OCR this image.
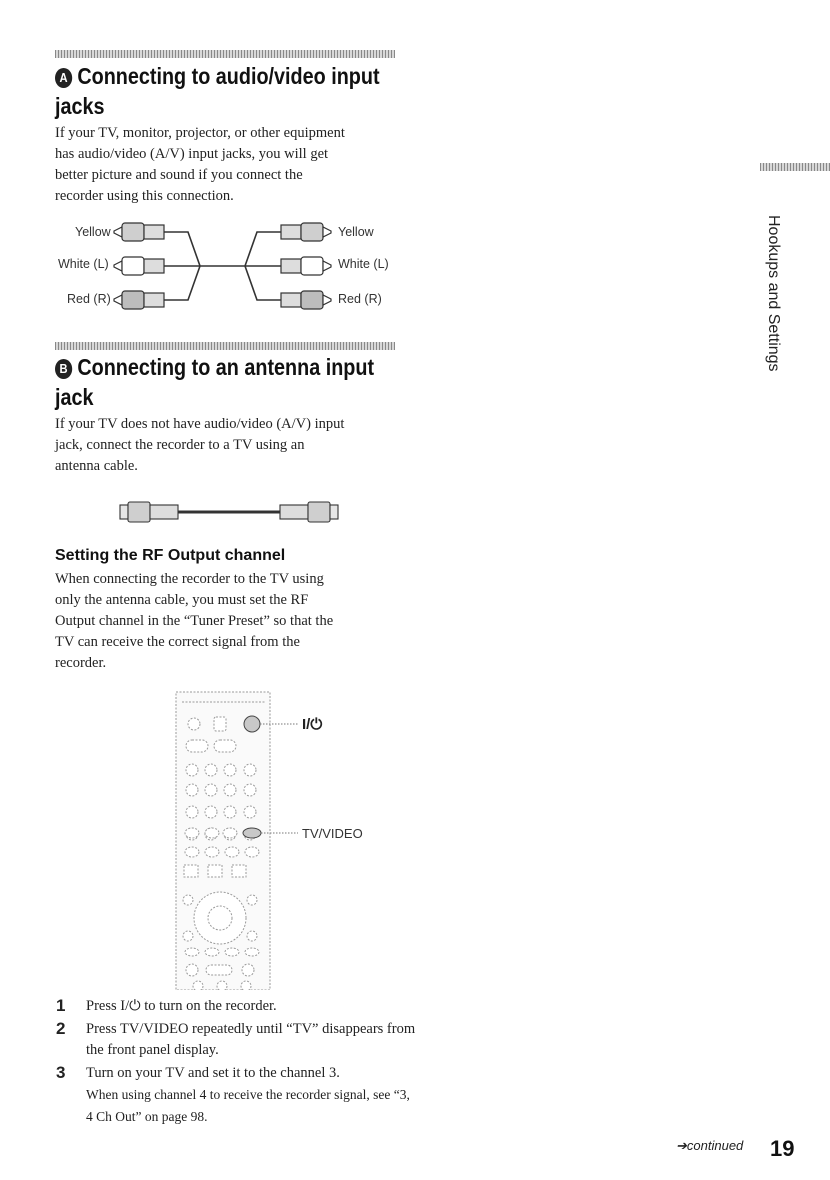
A Connecting to audio/video input
jacks
If your TV, monitor, projector, or other equipment
has audio/video (A/V) input jacks, you will get
better picture and sound if you connect the
recorder using this connection.
Yellow
White (L)
Red (R)
Yellow
White (L)
Red (R)
B Connecting to an antenna input
jack
If your TV does not have audio/video (A/V) input
jack, connect the recorder to a TV using an
antenna cable.
Setting the RF Output channel
When connecting the recorder to the TV using
only the antenna cable, you must set the RF
Output channel in the “Tuner Preset” so that the
TV can receive the correct signal from the
recorder.
I/⏻
TV/VIDEO
1 Press I/⏻ to turn on the recorder.
2 Press TV/VIDEO repeatedly until “TV” disappears from the front panel display.
3 Turn on your TV and set it to the channel 3.
When using channel 4 to receive the recorder signal, see “3, 4 Ch Out” on page 98.
Hookups and Settings
➔continued 19
